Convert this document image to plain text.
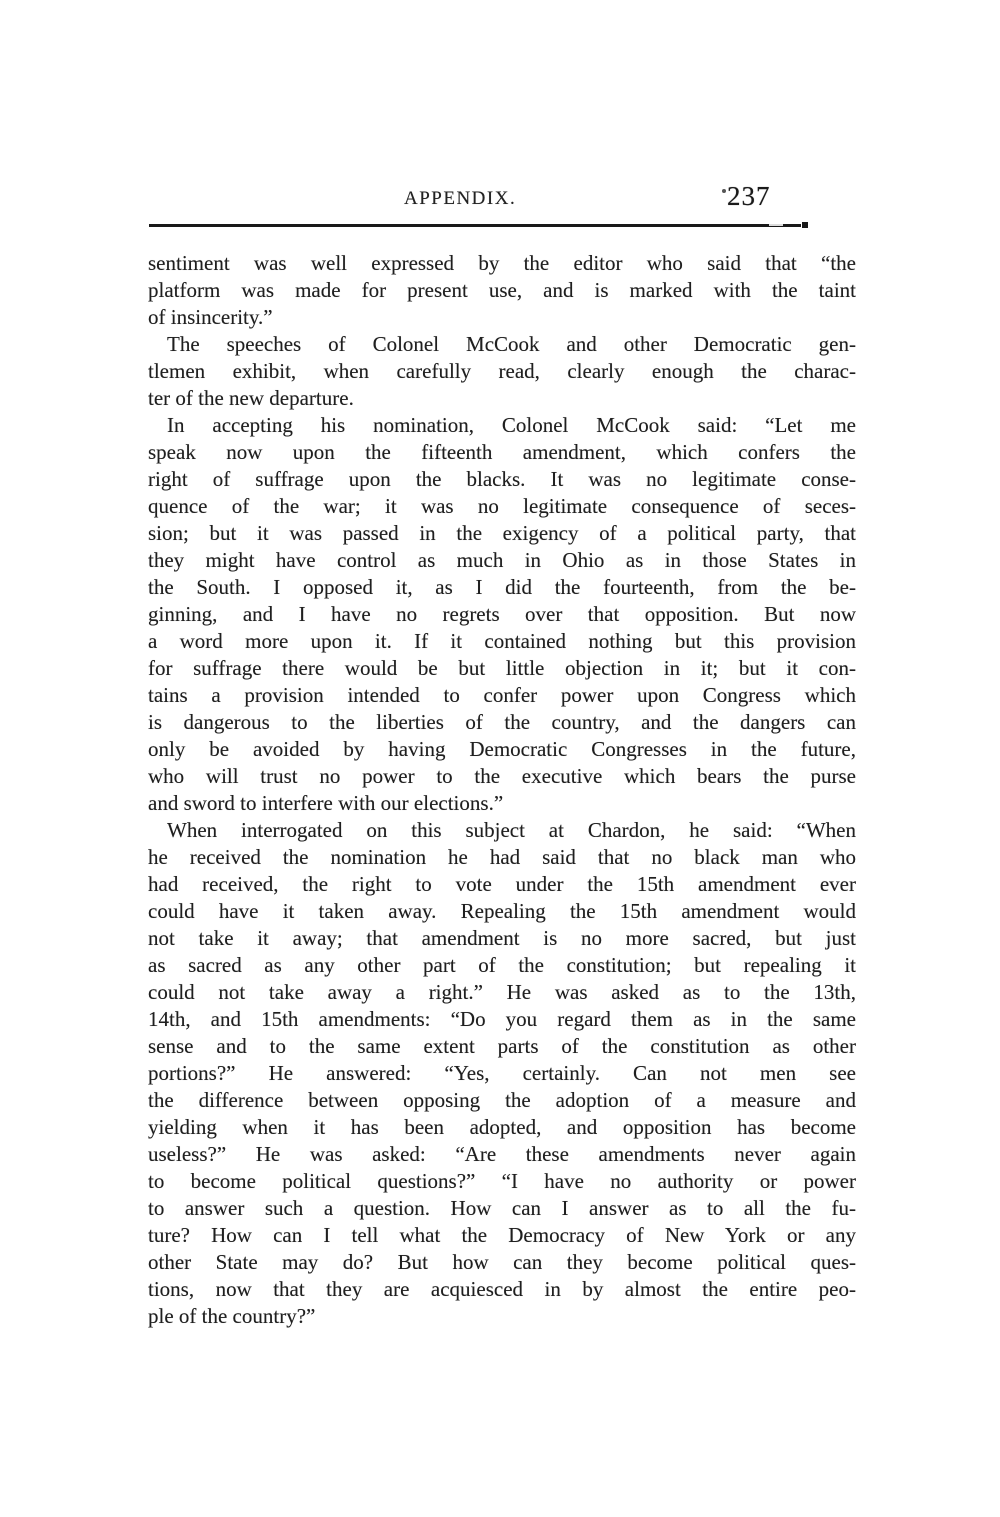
APPENDIX.	237
sentiment was well expressed by the editor who said that “the
platform was made for present use, and is marked with the taint
of insincerity.”
The speeches of Colonel McCook and other Democratic gen-
tlemen exhibit, when carefully read, clearly enough the charac-
ter of the new departure.
In accepting his nomination, Colonel McCook said: “Let me
speak now upon the fifteenth amendment, which confers the
right of suffrage upon the blacks. It was no legitimate conse-
quence of the war; it was no legitimate consequence of seces-
sion; but it was passed in the exigency of a political party, that
they might have control as much in Ohio as in those States in
the South. I opposed it, as I did the fourteenth, from the be-
ginning, and I have no regrets over that opposition. But now
a word more upon it. If it contained nothing but this provision
for suffrage there would be but little objection in it; but it con-
tains a provision intended to confer power upon Congress which
is dangerous to the liberties of the country, and the dangers can
only be avoided by having Democratic Congresses in the future,
who will trust no power to the executive which bears the purse
and sword to interfere with our elections.”
When interrogated on this subject at Chardon, he said: “When
he received the nomination he had said that no black man who
had received, the right to vote under the 15th amendment ever
could have it taken away. Repealing the 15th amendment would
not take it away; that amendment is no more sacred, but just
as sacred as any other part of the constitution; but repealing it
could not take away a right.” He was asked as to the 13th,
14th, and 15th amendments: “Do you regard them as in the same
sense and to the same extent parts of the constitution as other
portions?” He answered: “Yes, certainly. Can not men see
the difference between opposing the adoption of a measure and
yielding when it has been adopted, and opposition has become
useless?” He was asked: “Are these amendments never again
to become political questions?” “I have no authority or power
to answer such a question. How can I answer as to all the fu-
ture? How can I tell what the Democracy of New York or any
other State may do? But how can they become political ques-
tions, now that they are acquiesced in by almost the entire peo-
ple of the country?”
